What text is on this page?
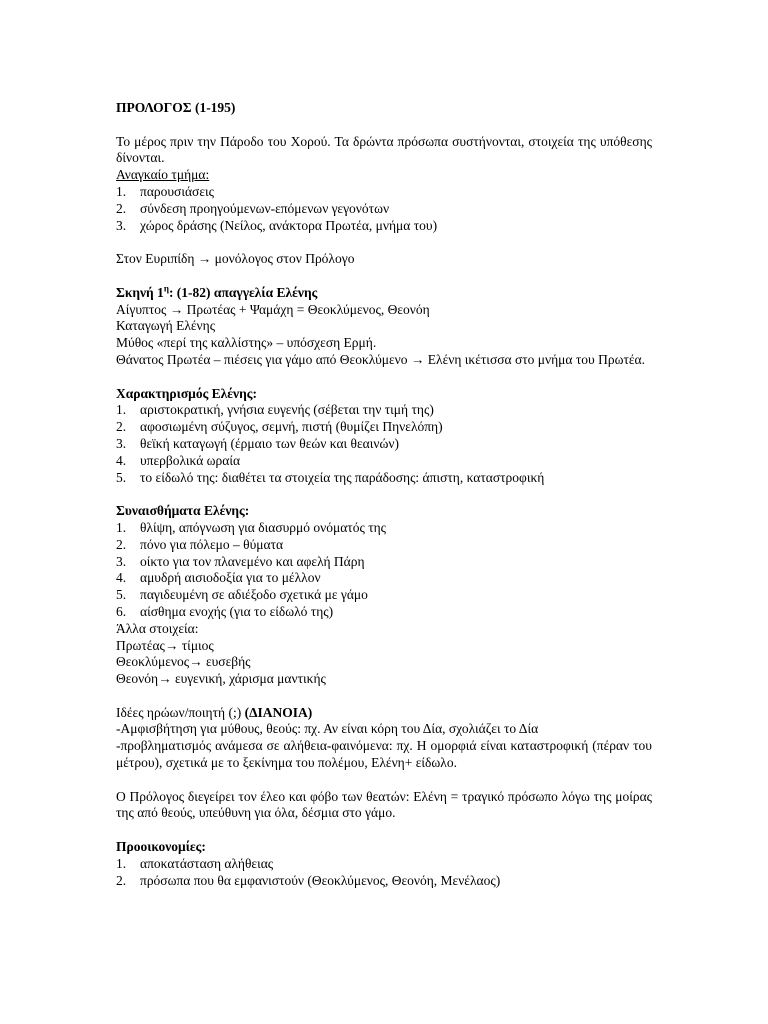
ΠΡΟΛΟΓΟΣ (1-195)
Το μέρος πριν την Πάροδο του Χορού. Τα δρώντα πρόσωπα συστήνονται, στοιχεία της υπόθεσης δίνονται.
Αναγκαίο τμήμα:
1.	παρουσιάσεις
2.	σύνδεση προηγούμενων-επόμενων γεγονότων
3.	χώρος δράσης (Νείλος, ανάκτορα Πρωτέα, μνήμα του)
Στον Ευριπίδη → μονόλογος στον Πρόλογο
Σκηνή $1^\eta$: (1-82) απαγγελία Ελένης
Αίγυπτος → Πρωτέας + Ψαμάχη = Θεοκλύμενος, Θεονόη
Καταγωγή Ελένης
Μύθος «περί της καλλίστης» – υπόσχεση Ερμή.
Θάνατος Πρωτέα – πιέσεις για γάμο από Θεοκλύμενο → Ελένη ικέτισσα στο μνήμα του Πρωτέα.
Χαρακτηρισμός Ελένης:
1.	αριστοκρατική, γνήσια ευγενής (σέβεται την τιμή της)
2.	αφοσιωμένη σύζυγος, σεμνή, πιστή (θυμίζει Πηνελόπη)
3.	θεϊκή καταγωγή (έρμαιο των θεών και θεαινών)
4.	υπερβολικά ωραία
5.	το είδωλό της: διαθέτει τα στοιχεία της παράδοσης: άπιστη, καταστροφική
Συναισθήματα Ελένης:
1.	θλίψη, απόγνωση για διασυρμό ονόματός της
2.	πόνο για πόλεμο – θύματα
3.	οίκτο για τον πλανεμένο και αφελή Πάρη
4.	αμυδρή αισιοδοξία για το μέλλον
5.	παγιδευμένη σε αδιέξοδο σχετικά με γάμο
6.	αίσθημα ενοχής (για το είδωλό της)
Άλλα στοιχεία:
Πρωτέας→ τίμιος
Θεοκλύμενος→ ευσεβής
Θεονόη→ ευγενική, χάρισμα μαντικής
Ιδέες ηρώων/ποιητή (;) (ΔΙΑΝΟΙΑ)
-Αμφισβήτηση για μύθους, θεούς: πχ. Αν είναι κόρη του Δία, σχολιάζει το Δία
-προβληματισμός ανάμεσα σε αλήθεια-φαινόμενα: πχ. Η ομορφιά είναι καταστροφική (πέραν του μέτρου), σχετικά με το ξεκίνημα του πολέμου, Ελένη+ είδωλο.
Ο Πρόλογος διεγείρει τον έλεο και φόβο των θεατών: Ελένη = τραγικό πρόσωπο λόγω της μοίρας της από θεούς, υπεύθυνη για όλα, δέσμια στο γάμο.
Προοικονομίες:
1.	αποκατάσταση αλήθειας
2.	πρόσωπα που θα εμφανιστούν (Θεοκλύμενος, Θεονόη, Μενέλαος)
